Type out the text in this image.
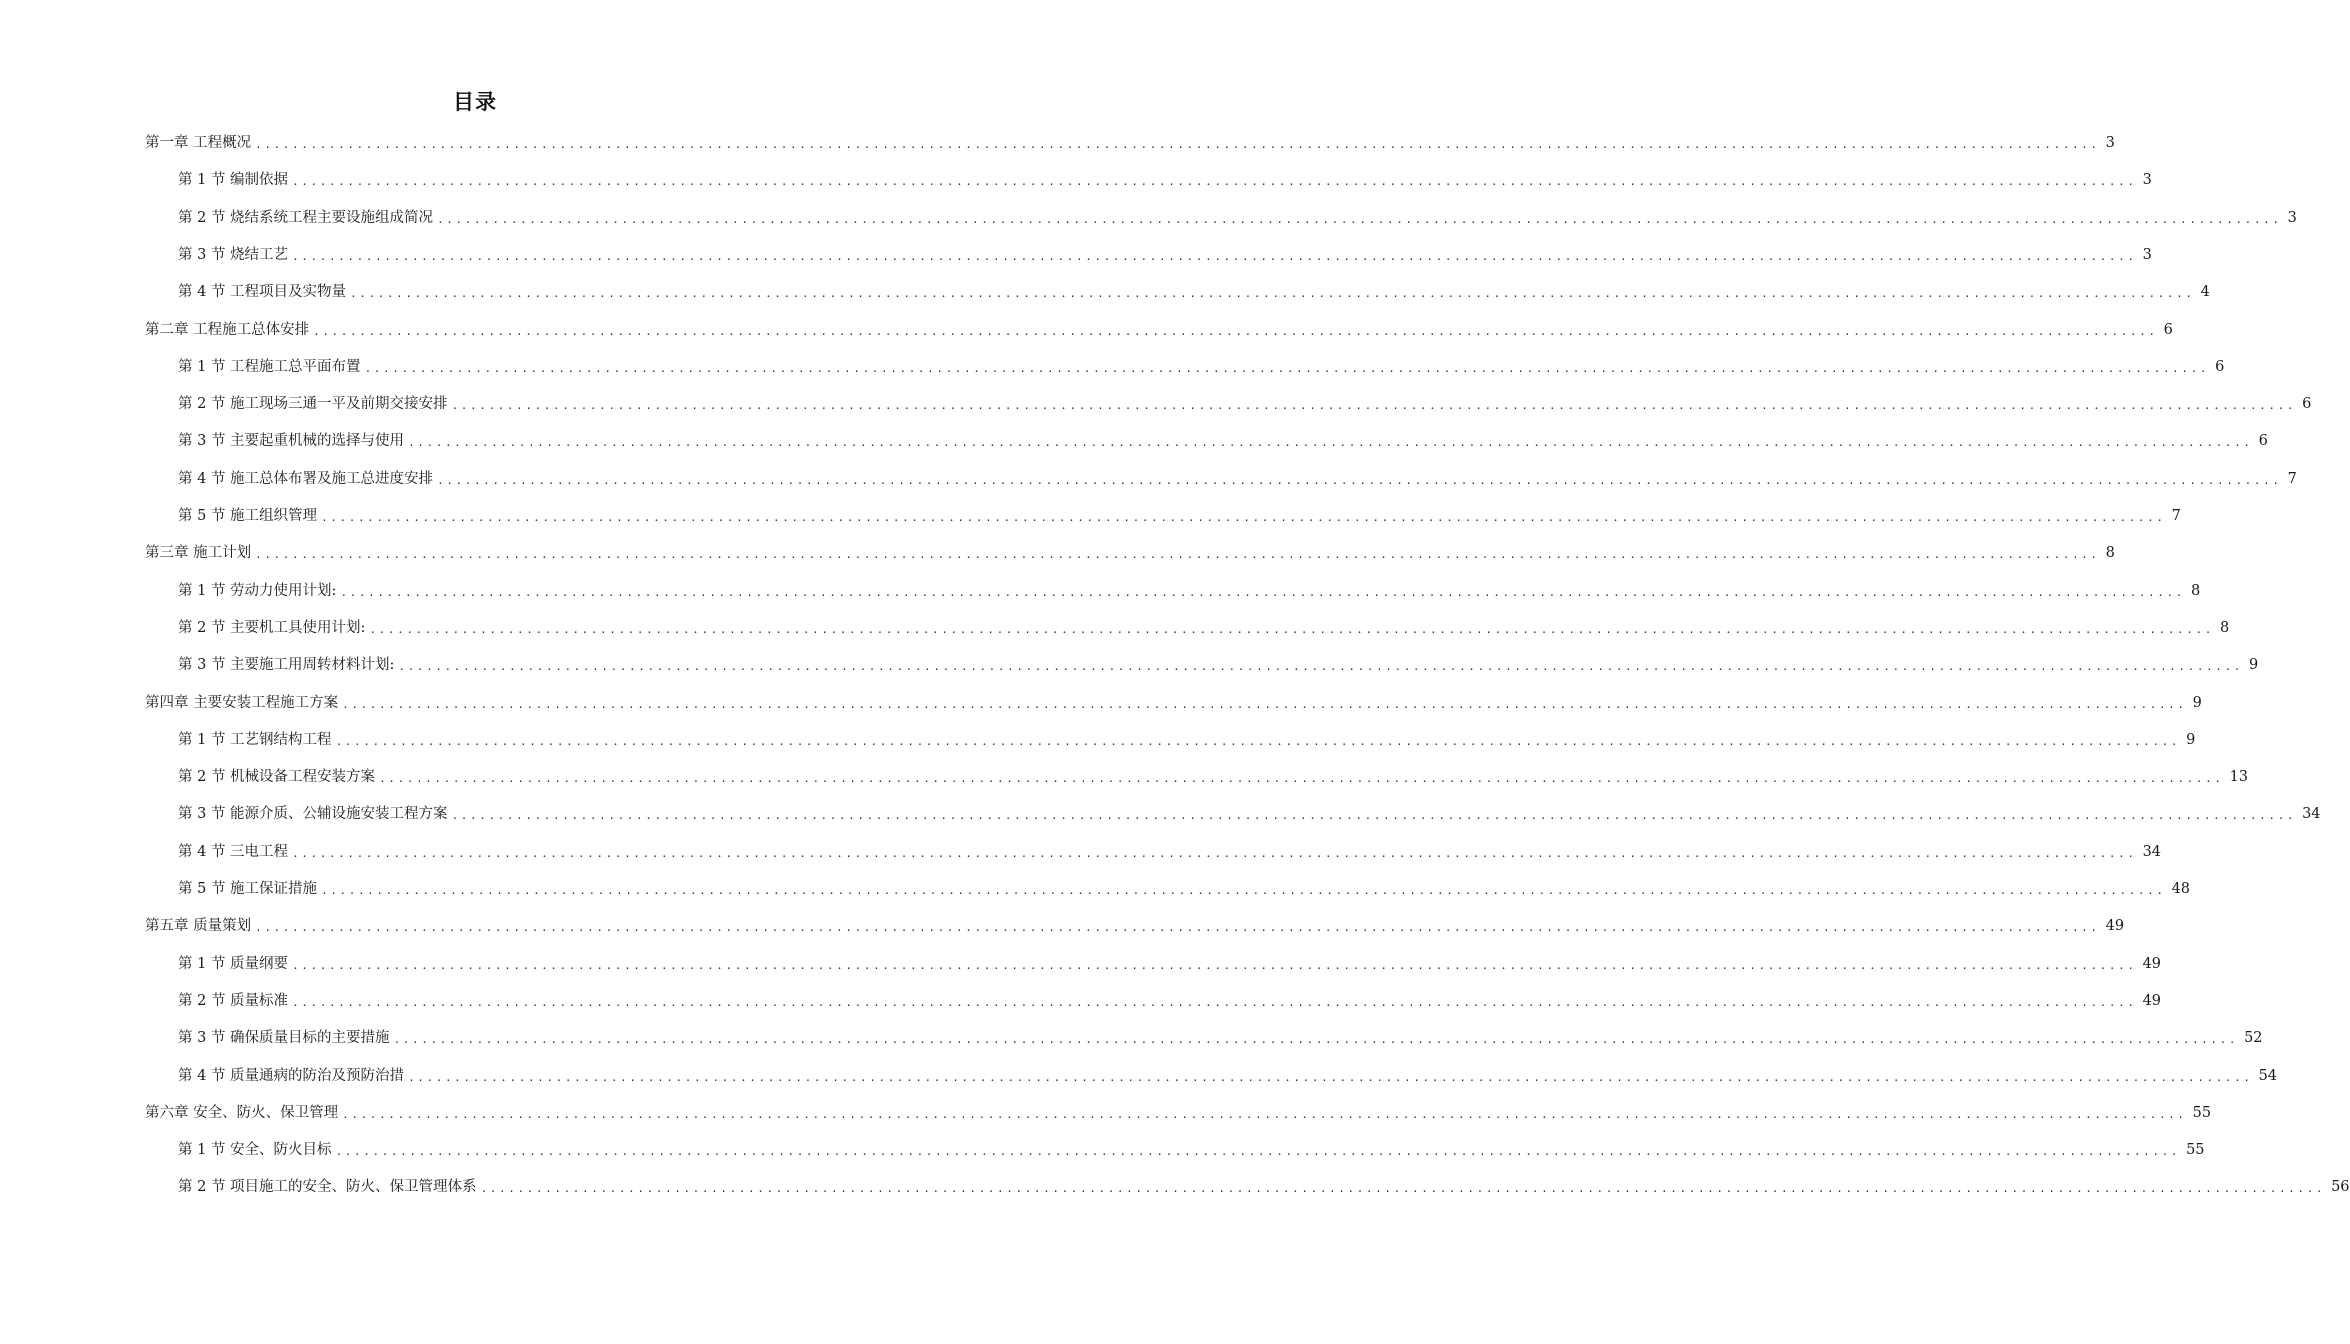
目录
第一章 工程概况 ........................................................................................................................................................................................................ 3
第 1 节 编制依据 ........................................................................................................................................................................................................ 3
第 2 节 烧结系统工程主要设施组成简况 ........................................................................................................................................................................................................ 3
第 3 节 烧结工艺 ........................................................................................................................................................................................................ 3
第 4 节 工程项目及实物量 ........................................................................................................................................................................................................ 4
第二章 工程施工总体安排 ........................................................................................................................................................................................................ 6
第 1 节 工程施工总平面布置 ........................................................................................................................................................................................................ 6
第 2 节 施工现场三通一平及前期交接安排 ........................................................................................................................................................................................................ 6
第 3 节 主要起重机械的选择与使用 ........................................................................................................................................................................................................ 6
第 4 节 施工总体布署及施工总进度安排 ........................................................................................................................................................................................................ 7
第 5 节 施工组织管理 ........................................................................................................................................................................................................ 7
第三章 施工计划 ........................................................................................................................................................................................................ 8
第 1 节 劳动力使用计划: ........................................................................................................................................................................................................ 8
第 2 节 主要机工具使用计划: ........................................................................................................................................................................................................ 8
第 3 节 主要施工用周转材料计划: ........................................................................................................................................................................................................ 9
第四章 主要安装工程施工方案 ........................................................................................................................................................................................................ 9
第 1 节 工艺钢结构工程 ........................................................................................................................................................................................................ 9
第 2 节 机械设备工程安装方案 ........................................................................................................................................................................................................ 13
第 3 节 能源介质、公辅设施安装工程方案 ........................................................................................................................................................................................................ 34
第 4 节 三电工程 ........................................................................................................................................................................................................ 34
第 5 节 施工保证措施 ........................................................................................................................................................................................................ 48
第五章 质量策划 ........................................................................................................................................................................................................ 49
第 1 节 质量纲要 ........................................................................................................................................................................................................ 49
第 2 节 质量标准 ........................................................................................................................................................................................................ 49
第 3 节 确保质量目标的主要措施 ........................................................................................................................................................................................................ 52
第 4 节 质量通病的防治及预防治措 ........................................................................................................................................................................................................ 54
第六章 安全、防火、保卫管理 ........................................................................................................................................................................................................ 55
第 1 节 安全、防火目标 ........................................................................................................................................................................................................ 55
第 2 节 项目施工的安全、防火、保卫管理体系 ........................................................................................................................................................................................................ 56
